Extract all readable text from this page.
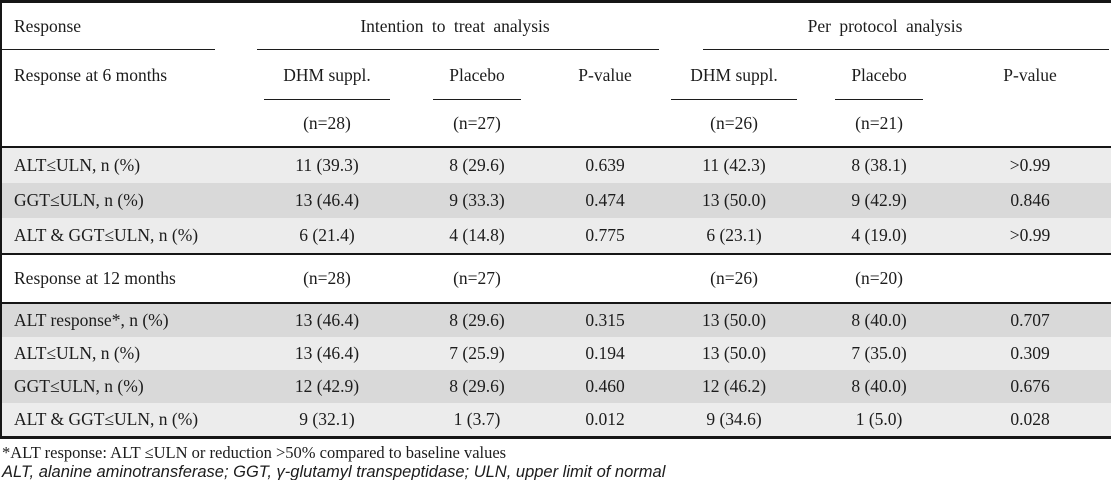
Response	Intention to treat analysis			Per protocol analysis		

Response at 6 months	DHM suppl.	Placebo	P-value	DHM suppl.	Placebo	P-value
	(n=28)	(n=27)		(n=26)	(n=21)	
ALT≤ULN, n (%)	11 (39.3)	8 (29.6)	0.639	11 (42.3)	8 (38.1)	>0.99
GGT≤ULN, n (%)	13 (46.4)	9 (33.3)	0.474	13 (50.0)	9 (42.9)	0.846
ALT & GGT≤ULN, n (%)	6 (21.4)	4 (14.8)	0.775	6 (23.1)	4 (19.0)	>0.99
Response at 12 months	(n=28)	(n=27)		(n=26)	(n=20)	
ALT response*, n (%)	13 (46.4)	8 (29.6)	0.315	13 (50.0)	8 (40.0)	0.707
ALT≤ULN, n (%)	13 (46.4)	7 (25.9)	0.194	13 (50.0)	7 (35.0)	0.309
GGT≤ULN, n (%)	12 (42.9)	8 (29.6)	0.460	12 (46.2)	8 (40.0)	0.676
ALT & GGT≤ULN, n (%)	9 (32.1)	1 (3.7)	0.012	9 (34.6)	1 (5.0)	0.028
*ALT response: ALT ≤ULN or reduction >50% compared to baseline values
ALT, alanine aminotransferase; GGT, γ-glutamyl transpeptidase; ULN, upper limit of normal
